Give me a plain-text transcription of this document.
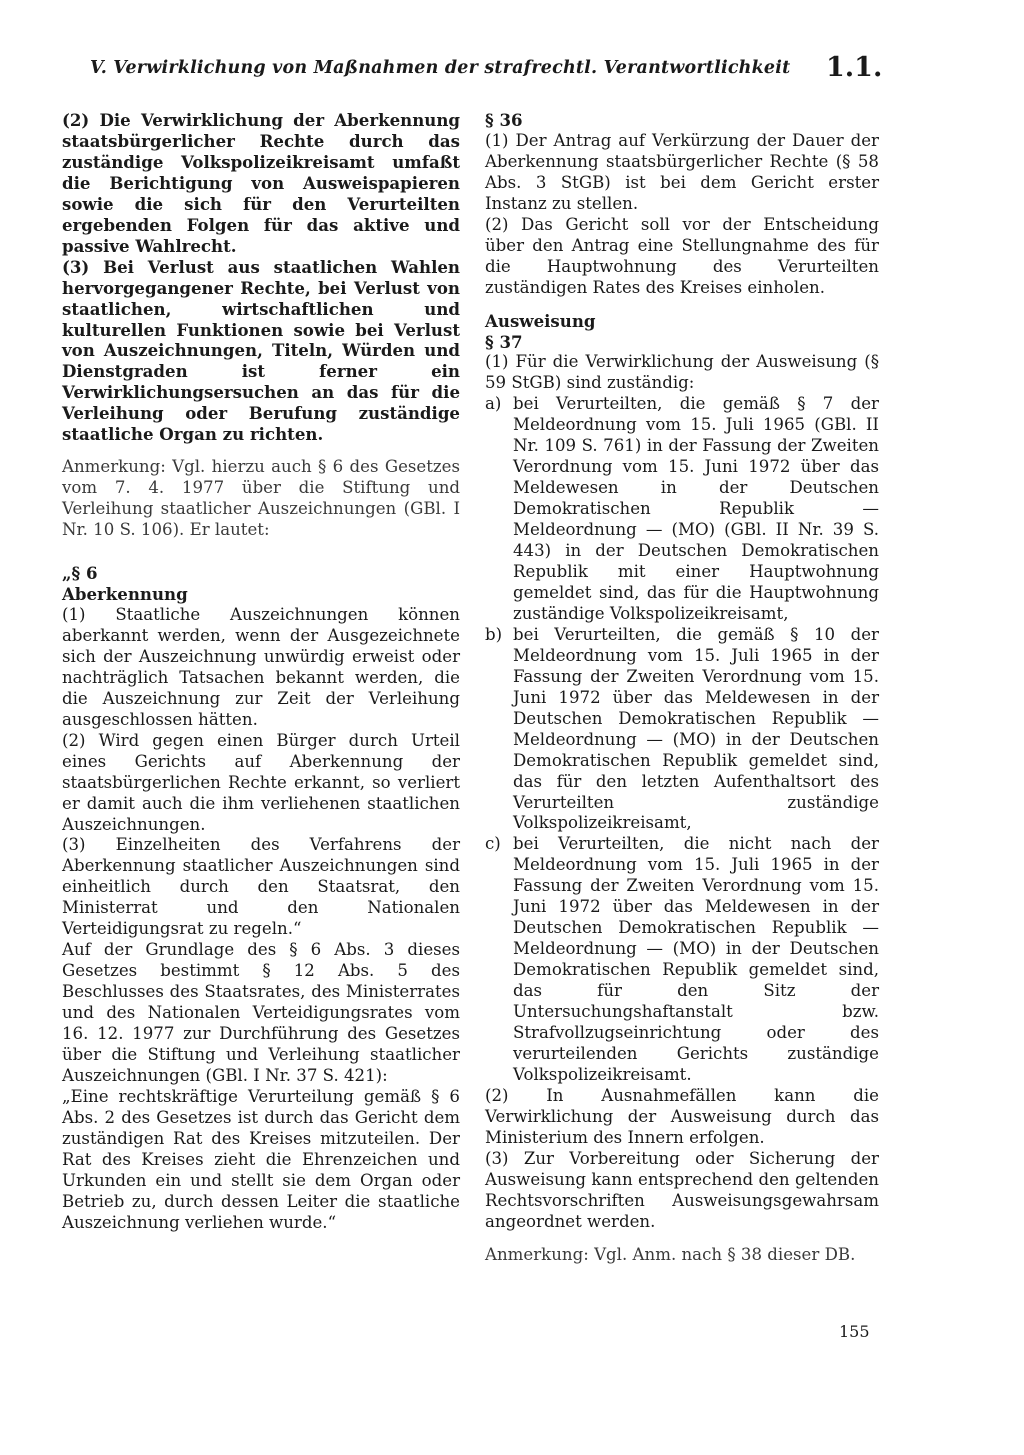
V. Verwirklichung von Maßnahmen der strafrechtl. Verantwortlichkeit	1.1.

(2) Die Verwirklichung der Aberkennung staatsbürgerlicher Rechte durch das zuständige Volkspolizeikreisamt umfaßt die Berichtigung von Ausweispapieren sowie die sich für den Verurteilten ergebenden Folgen für das aktive und passive Wahlrecht.

(3) Bei Verlust aus staatlichen Wahlen hervorgegangener Rechte, bei Verlust von staatlichen, wirtschaftlichen und kulturellen Funktionen sowie bei Verlust von Auszeichnungen, Titeln, Würden und Dienstgraden ist ferner ein Verwirklichungsersuchen an das für die Verleihung oder Berufung zuständige staatliche Organ zu richten.

Anmerkung: Vgl. hierzu auch § 6 des Gesetzes vom 7. 4. 1977 über die Stiftung und Verleihung staatlicher Auszeichnungen (GBl. I Nr. 10 S. 106). Er lautet:

„§ 6

Aberkennung

(1) Staatliche Auszeichnungen können aberkannt werden, wenn der Ausgezeichnete sich der Auszeichnung unwürdig erweist oder nachträglich Tatsachen bekannt werden, die die Auszeichnung zur Zeit der Verleihung ausgeschlossen hätten.

(2) Wird gegen einen Bürger durch Urteil eines Gerichts auf Aberkennung der staatsbürgerlichen Rechte erkannt, so verliert er damit auch die ihm verliehenen staatlichen Auszeichnungen.

(3) Einzelheiten des Verfahrens der Aberkennung staatlicher Auszeichnungen sind einheitlich durch den Staatsrat, den Ministerrat und den Nationalen Verteidigungsrat zu regeln.“

Auf der Grundlage des § 6 Abs. 3 dieses Gesetzes bestimmt § 12 Abs. 5 des Beschlusses des Staatsrates, des Ministerrates und des Nationalen Verteidigungsrates vom 16. 12. 1977 zur Durchführung des Gesetzes über die Stiftung und Verleihung staatlicher Auszeichnungen (GBl. I Nr. 37 S. 421):

„Eine rechtskräftige Verurteilung gemäß § 6 Abs. 2 des Gesetzes ist durch das Gericht dem zuständigen Rat des Kreises mitzuteilen. Der Rat des Kreises zieht die Ehrenzeichen und Urkunden ein und stellt sie dem Organ oder Betrieb zu, durch dessen Leiter die staatliche Auszeichnung verliehen wurde.“

§ 36

(1) Der Antrag auf Verkürzung der Dauer der Aberkennung staatsbürgerlicher Rechte (§ 58 Abs. 3 StGB) ist bei dem Gericht erster Instanz zu stellen.

(2) Das Gericht soll vor der Entscheidung über den Antrag eine Stellungnahme des für die Hauptwohnung des Verurteilten zuständigen Rates des Kreises einholen.

Ausweisung

§ 37

(1) Für die Verwirklichung der Ausweisung (§ 59 StGB) sind zuständig:

a) bei Verurteilten, die gemäß § 7 der Meldeordnung vom 15. Juli 1965 (GBl. II Nr. 109 S. 761) in der Fassung der Zweiten Verordnung vom 15. Juni 1972 über das Meldewesen in der Deutschen Demokratischen Republik — Meldeordnung — (MO) (GBl. II Nr. 39 S. 443) in der Deutschen Demokratischen Republik mit einer Hauptwohnung gemeldet sind, das für die Hauptwohnung zuständige Volkspolizeikreisamt,
b) bei Verurteilten, die gemäß § 10 der Meldeordnung vom 15. Juli 1965 in der Fassung der Zweiten Verordnung vom 15. Juni 1972 über das Meldewesen in der Deutschen Demokratischen Republik — Meldeordnung — (MO) in der Deutschen Demokratischen Republik gemeldet sind, das für den letzten Aufenthaltsort des Verurteilten zuständige Volkspolizeikreisamt,
c) bei Verurteilten, die nicht nach der Meldeordnung vom 15. Juli 1965 in der Fassung der Zweiten Verordnung vom 15. Juni 1972 über das Meldewesen in der Deutschen Demokratischen Republik — Meldeordnung — (MO) in der Deutschen Demokratischen Republik gemeldet sind, das für den Sitz der Untersuchungshaftanstalt bzw. Strafvollzugseinrichtung oder des verurteilenden Gerichts zuständige Volkspolizeikreisamt.

(2) In Ausnahmefällen kann die Verwirklichung der Ausweisung durch das Ministerium des Innern erfolgen.

(3) Zur Vorbereitung oder Sicherung der Ausweisung kann entsprechend den geltenden Rechtsvorschriften Ausweisungsgewahrsam angeordnet werden.

Anmerkung: Vgl. Anm. nach § 38 dieser DB.

155
